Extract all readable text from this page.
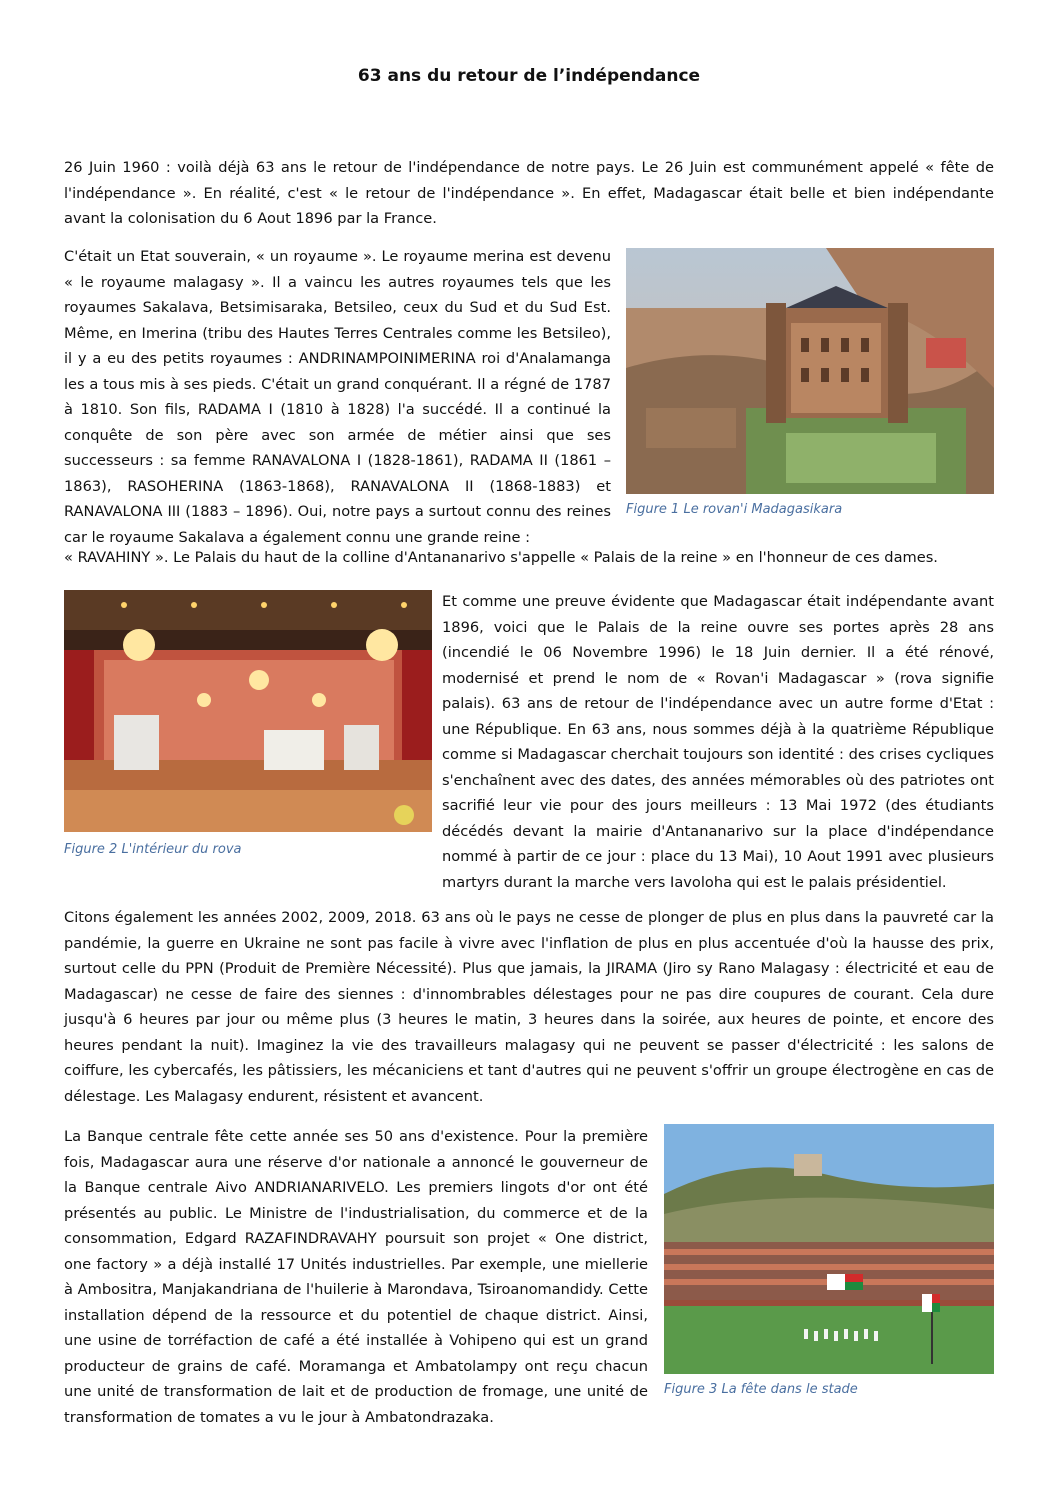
63 ans du retour de l’indépendance

26 Juin 1960 : voilà déjà 63 ans le retour de l'indépendance de notre pays. Le 26 Juin est communément appelé « fête de l'indépendance ». En réalité, c'est « le retour de l'indépendance ». En effet, Madagascar était belle et bien indépendante avant la colonisation du 6 Aout 1896 par la France.

C'était un Etat souverain, « un royaume ». Le royaume merina est devenu « le royaume malagasy ». Il a vaincu les autres royaumes tels que les royaumes Sakalava, Betsimisaraka, Betsileo, ceux du Sud et du Sud Est. Même, en Imerina (tribu des Hautes Terres Centrales comme les Betsileo), il y a eu des petits royaumes : ANDRINAMPOINIMERINA roi d'Analamanga les a tous mis à ses pieds. C'était un grand conquérant. Il a régné de 1787 à 1810. Son fils, RADAMA I (1810 à 1828) l'a succédé. Il a continué la conquête de son père avec son armée de métier ainsi que ses successeurs : sa femme RANAVALONA I (1828-1861), RADAMA II (1861 – 1863), RASOHERINA (1863-1868), RANAVALONA II (1868-1883) et RANAVALONA III (1883 – 1896). Oui, notre pays a surtout connu des reines car le royaume Sakalava a également connu une grande reine :

« RAVAHINY ». Le Palais du haut de la colline d'Antananarivo s'appelle « Palais de la reine » en l'honneur de ces dames.

Figure 1 Le rovan'i Madagasikara
Figure 2 L'intérieur du rova

Et comme une preuve évidente que Madagascar était indépendante avant 1896, voici que le Palais de la reine ouvre ses portes après 28 ans (incendié le 06 Novembre 1996) le 18 Juin dernier. Il a été rénové, modernisé et prend le nom de « Rovan'i Madagascar » (rova signifie palais). 63 ans de retour de l'indépendance avec un autre forme d'Etat : une République. En 63 ans, nous sommes déjà à la quatrième République comme si Madagascar cherchait toujours son identité : des crises cycliques s'enchaînent avec des dates, des années mémorables où des patriotes ont sacrifié leur vie pour des jours meilleurs : 13 Mai 1972 (des étudiants décédés devant la mairie d'Antananarivo sur la place d'indépendance nommé à partir de ce jour : place du 13 Mai), 10 Aout 1991 avec plusieurs martyrs durant la marche vers Iavoloha qui est le palais présidentiel.

Citons également les années 2002, 2009, 2018. 63 ans où le pays ne cesse de plonger de plus en plus dans la pauvreté car la pandémie, la guerre en Ukraine ne sont pas facile à vivre avec l'inflation de plus en plus accentuée d'où la hausse des prix, surtout celle du PPN (Produit de Première Nécessité). Plus que jamais, la JIRAMA (Jiro sy Rano Malagasy : électricité et eau de Madagascar) ne cesse de faire des siennes : d'innombrables délestages pour ne pas dire coupures de courant. Cela dure jusqu'à 6 heures par jour ou même plus (3 heures le matin, 3 heures dans la soirée, aux heures de pointe, et encore des heures pendant la nuit). Imaginez la vie des travailleurs malagasy qui ne peuvent se passer d'électricité : les salons de coiffure, les cybercafés, les pâtissiers, les mécaniciens et tant d'autres qui ne peuvent s'offrir un groupe électrogène en cas de délestage. Les Malagasy endurent, résistent et avancent.

La Banque centrale fête cette année ses 50 ans d'existence. Pour la première fois, Madagascar aura une réserve d'or nationale a annoncé le gouverneur de la Banque centrale Aivo ANDRIANARIVELO. Les premiers lingots d'or ont été présentés au public. Le Ministre de l'industrialisation, du commerce et de la consommation, Edgard RAZAFINDRAVAHY poursuit son projet « One district, one factory » a déjà installé 17 Unités industrielles. Par exemple, une miellerie à Ambositra, Manjakandriana de l'huilerie à Marondava, Tsiroanomandidy. Cette installation dépend de la ressource et du potentiel de chaque district. Ainsi, une usine de torréfaction de café a été installée à Vohipeno qui est un grand producteur de grains de café. Moramanga et Ambatolampy ont reçu chacun une unité de transformation de lait et de production de fromage, une unité de transformation de tomates a vu le jour à Ambatondrazaka.

Figure 3 La fête dans le stade
